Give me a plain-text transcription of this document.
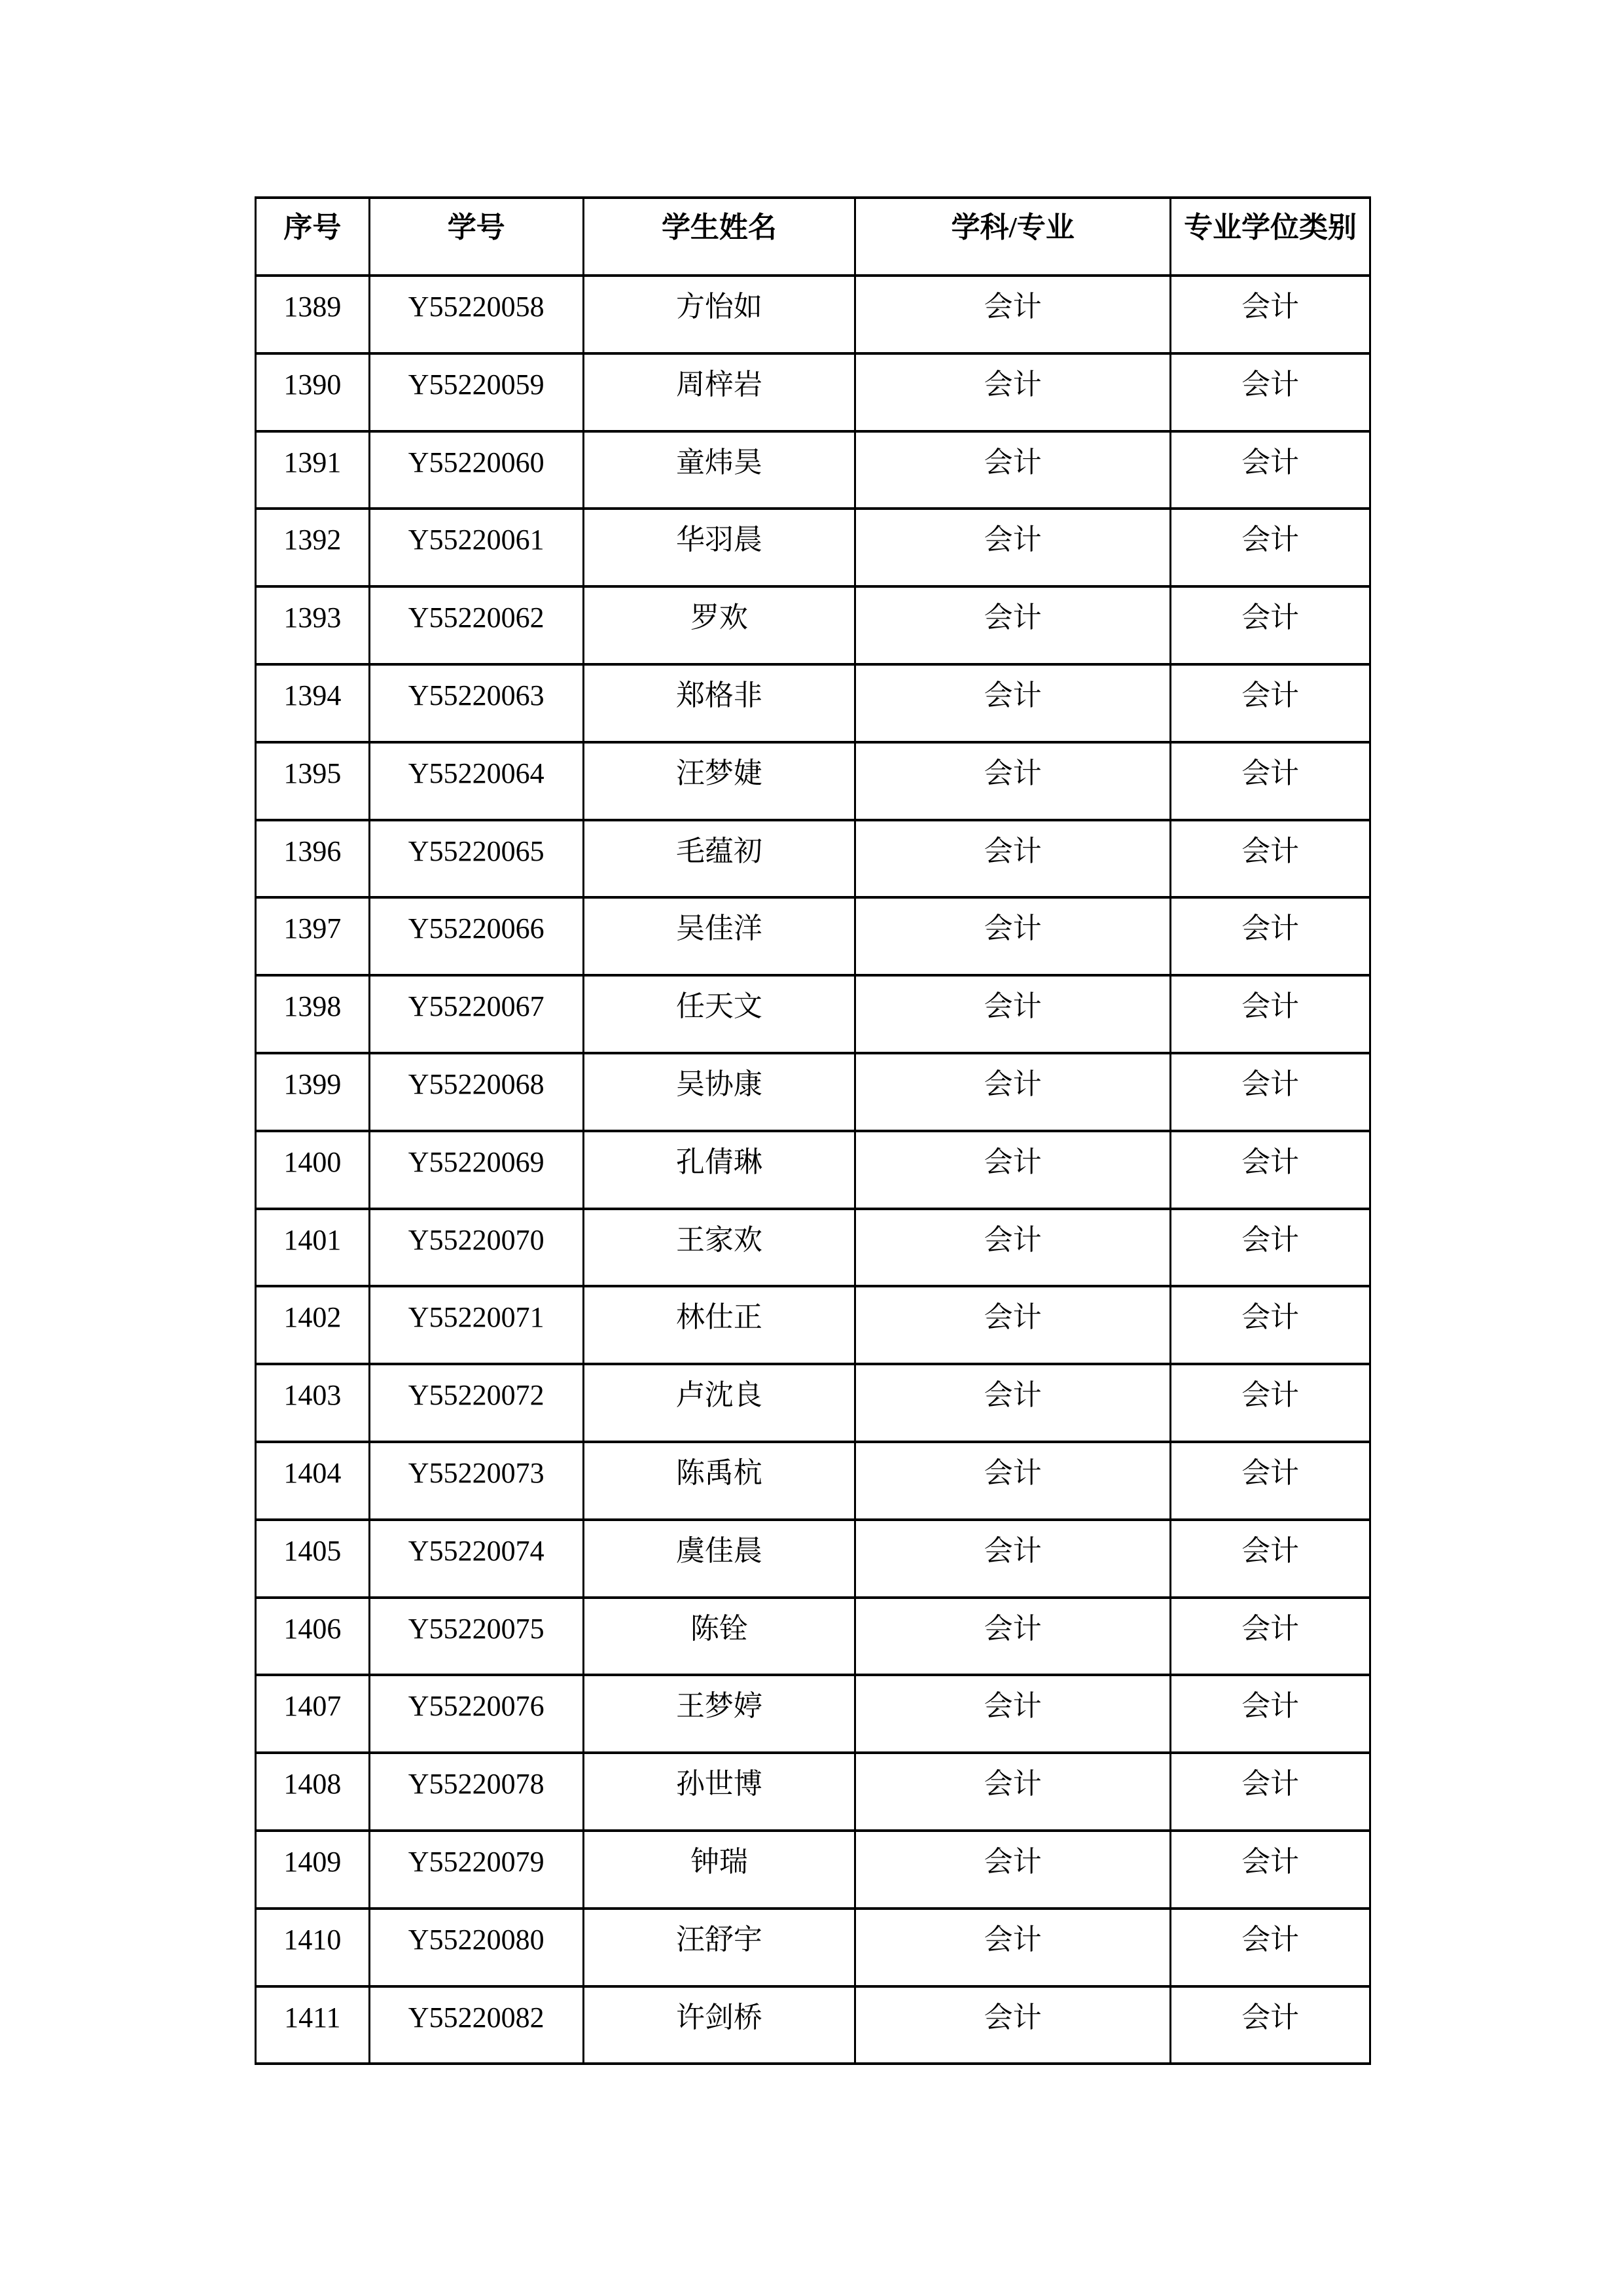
序号	学号	学生姓名	学科/专业	专业学位类别
1389	Y55220058	方怡如	会计	会计
1390	Y55220059	周梓岩	会计	会计
1391	Y55220060	童炜昊	会计	会计
1392	Y55220061	华羽晨	会计	会计
1393	Y55220062	罗欢	会计	会计
1394	Y55220063	郑格非	会计	会计
1395	Y55220064	汪梦婕	会计	会计
1396	Y55220065	毛蕴初	会计	会计
1397	Y55220066	吴佳洋	会计	会计
1398	Y55220067	任天文	会计	会计
1399	Y55220068	吴协康	会计	会计
1400	Y55220069	孔倩琳	会计	会计
1401	Y55220070	王家欢	会计	会计
1402	Y55220071	林仕正	会计	会计
1403	Y55220072	卢沈良	会计	会计
1404	Y55220073	陈禹杭	会计	会计
1405	Y55220074	虞佳晨	会计	会计
1406	Y55220075	陈铨	会计	会计
1407	Y55220076	王梦婷	会计	会计
1408	Y55220078	孙世博	会计	会计
1409	Y55220079	钟瑞	会计	会计
1410	Y55220080	汪舒宇	会计	会计
1411	Y55220082	许剑桥	会计	会计
